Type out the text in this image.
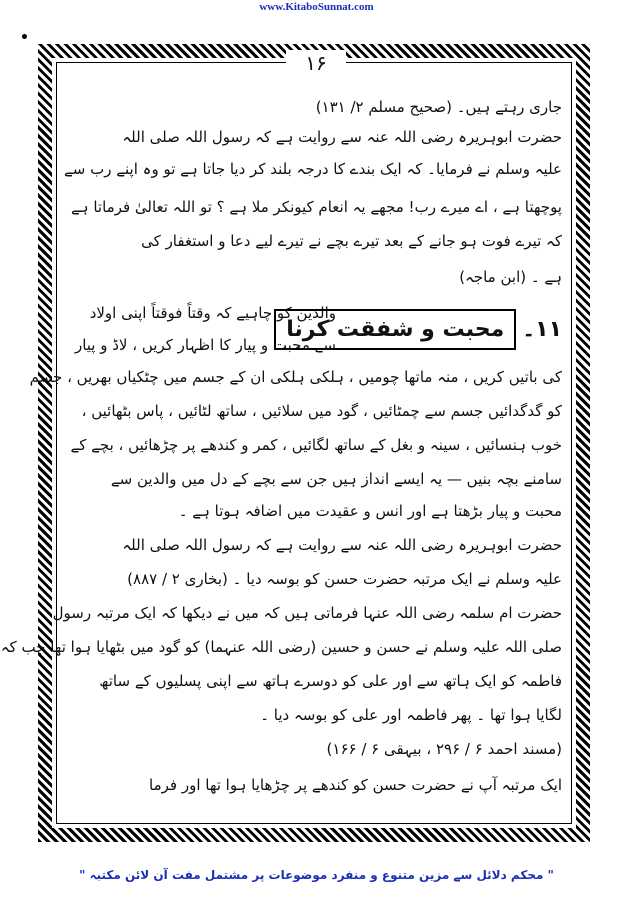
www.KitaboSunnat.com
۱۶
جاری رہتے ہیں۔ (صحیح مسلم ۲/ ۱۳۱)
حضرت ابوہریرہ رضی اللہ عنہ سے روایت ہے کہ رسول اللہ صلی اللہ
علیہ وسلم نے فرمایا۔ کہ ایک بندے کا درجہ بلند کر دیا جاتا ہے تو وہ اپنے رب سے
پوچھتا ہے ، اے میرے رب! مجھے یہ انعام کیونکر ملا ہے ؟ تو اللہ تعالیٰ فرماتا ہے
کہ تیرے فوت ہو جانے کے بعد تیرے بچے نے تیرے لیے دعا و استغفار کی
ہے ۔ (ابن ماجہ)
۱۱۔
محبت و شفقت کرنا
والدین کو چاہیے کہ وقتاً فوقتاً اپنی اولاد
سے محبت و پیار کا اظہار کریں ، لاڈ و پیار
کی باتیں کریں ، منہ ماتھا چومیں ، ہلکی ہلکی ان کے جسم میں چٹکیاں بھریں ، جسم
کو گدگدائیں جسم سے چمٹائیں ، گود میں سلائیں ، ساتھ لٹائیں ، پاس بٹھائیں ،
خوب ہنسائیں ، سینہ و بغل کے ساتھ لگائیں ، کمر و کندھے پر چڑھائیں ، بچے کے
سامنے بچہ بنیں — یہ ایسے انداز ہیں جن سے بچے کے دل میں والدین سے
محبت و پیار بڑھتا ہے اور انس و عقیدت میں اضافہ ہوتا ہے ۔
حضرت ابوہریرہ رضی اللہ عنہ سے روایت ہے کہ رسول اللہ صلی اللہ
علیہ وسلم نے ایک مرتبہ حضرت حسن کو بوسہ دیا ۔ (بخاری ۲ / ۸۸۷)
حضرت ام سلمہ رضی اللہ عنہا فرماتی ہیں کہ میں نے دیکھا کہ ایک مرتبہ رسول
صلی اللہ علیہ وسلم نے حسن و حسین (رضی اللہ عنہما) کو گود میں بٹھایا ہوا تھا جب کہ
فاطمہ کو ایک ہاتھ سے اور علی کو دوسرے ہاتھ سے اپنی پسلیوں کے ساتھ
لگایا ہوا تھا ۔ پھر فاطمہ اور علی کو بوسہ دیا ۔
(مسند احمد ۶ / ۲۹۶ ، بیہقی ۶ / ۱۶۶)
ایک مرتبہ آپ نے حضرت حسن کو کندھے پر چڑھایا ہوا تھا اور فرما
" محکم دلائل سے مزین متنوع و منفرد موضوعات پر مشتمل مفت آن لائن مکتبہ "
